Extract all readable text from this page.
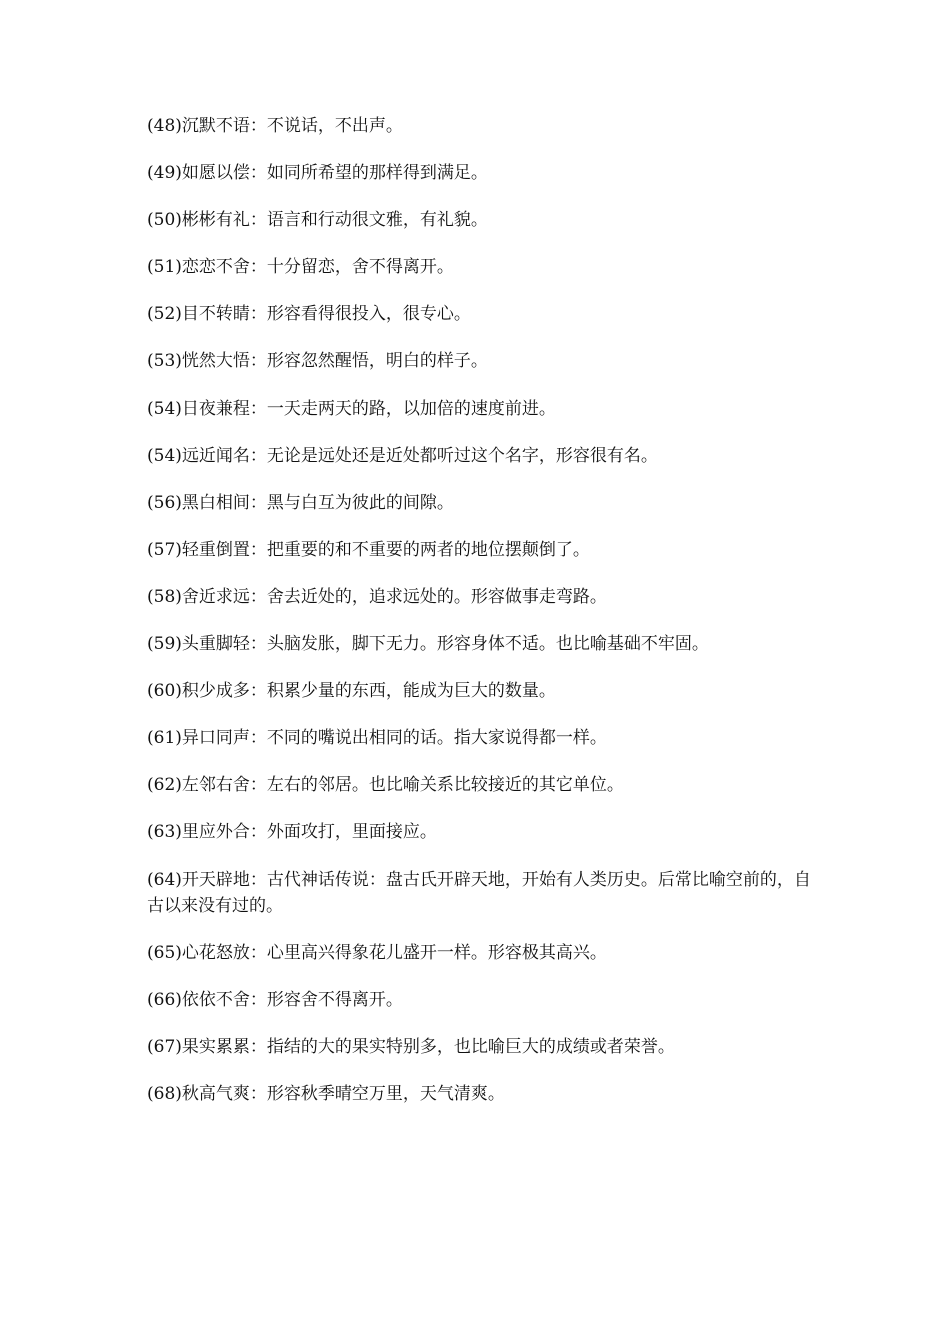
(48)沉默不语：不说话，不出声。
(49)如愿以偿：如同所希望的那样得到满足。
(50)彬彬有礼：语言和行动很文雅，有礼貌。
(51)恋恋不舍：十分留恋，舍不得离开。
(52)目不转睛：形容看得很投入，很专心。
(53)恍然大悟：形容忽然醒悟，明白的样子。
(54)日夜兼程：一天走两天的路，以加倍的速度前进。
(54)远近闻名：无论是远处还是近处都听过这个名字，形容很有名。
(56)黑白相间：黑与白互为彼此的间隙。
(57)轻重倒置：把重要的和不重要的两者的地位摆颠倒了。
(58)舍近求远：舍去近处的，追求远处的。形容做事走弯路。
(59)头重脚轻：头脑发胀，脚下无力。形容身体不适。也比喻基础不牢固。
(60)积少成多：积累少量的东西，能成为巨大的数量。
(61)异口同声：不同的嘴说出相同的话。指大家说得都一样。
(62)左邻右舍：左右的邻居。也比喻关系比较接近的其它单位。
(63)里应外合：外面攻打，里面接应。
(64)开天辟地：古代神话传说：盘古氏开辟天地，开始有人类历史。后常比喻空前的，自古以来没有过的。
(65)心花怒放：心里高兴得象花儿盛开一样。形容极其高兴。
(66)依依不舍：形容舍不得离开。
(67)果实累累：指结的大的果实特别多，也比喻巨大的成绩或者荣誉。
(68)秋高气爽：形容秋季晴空万里，天气清爽。
